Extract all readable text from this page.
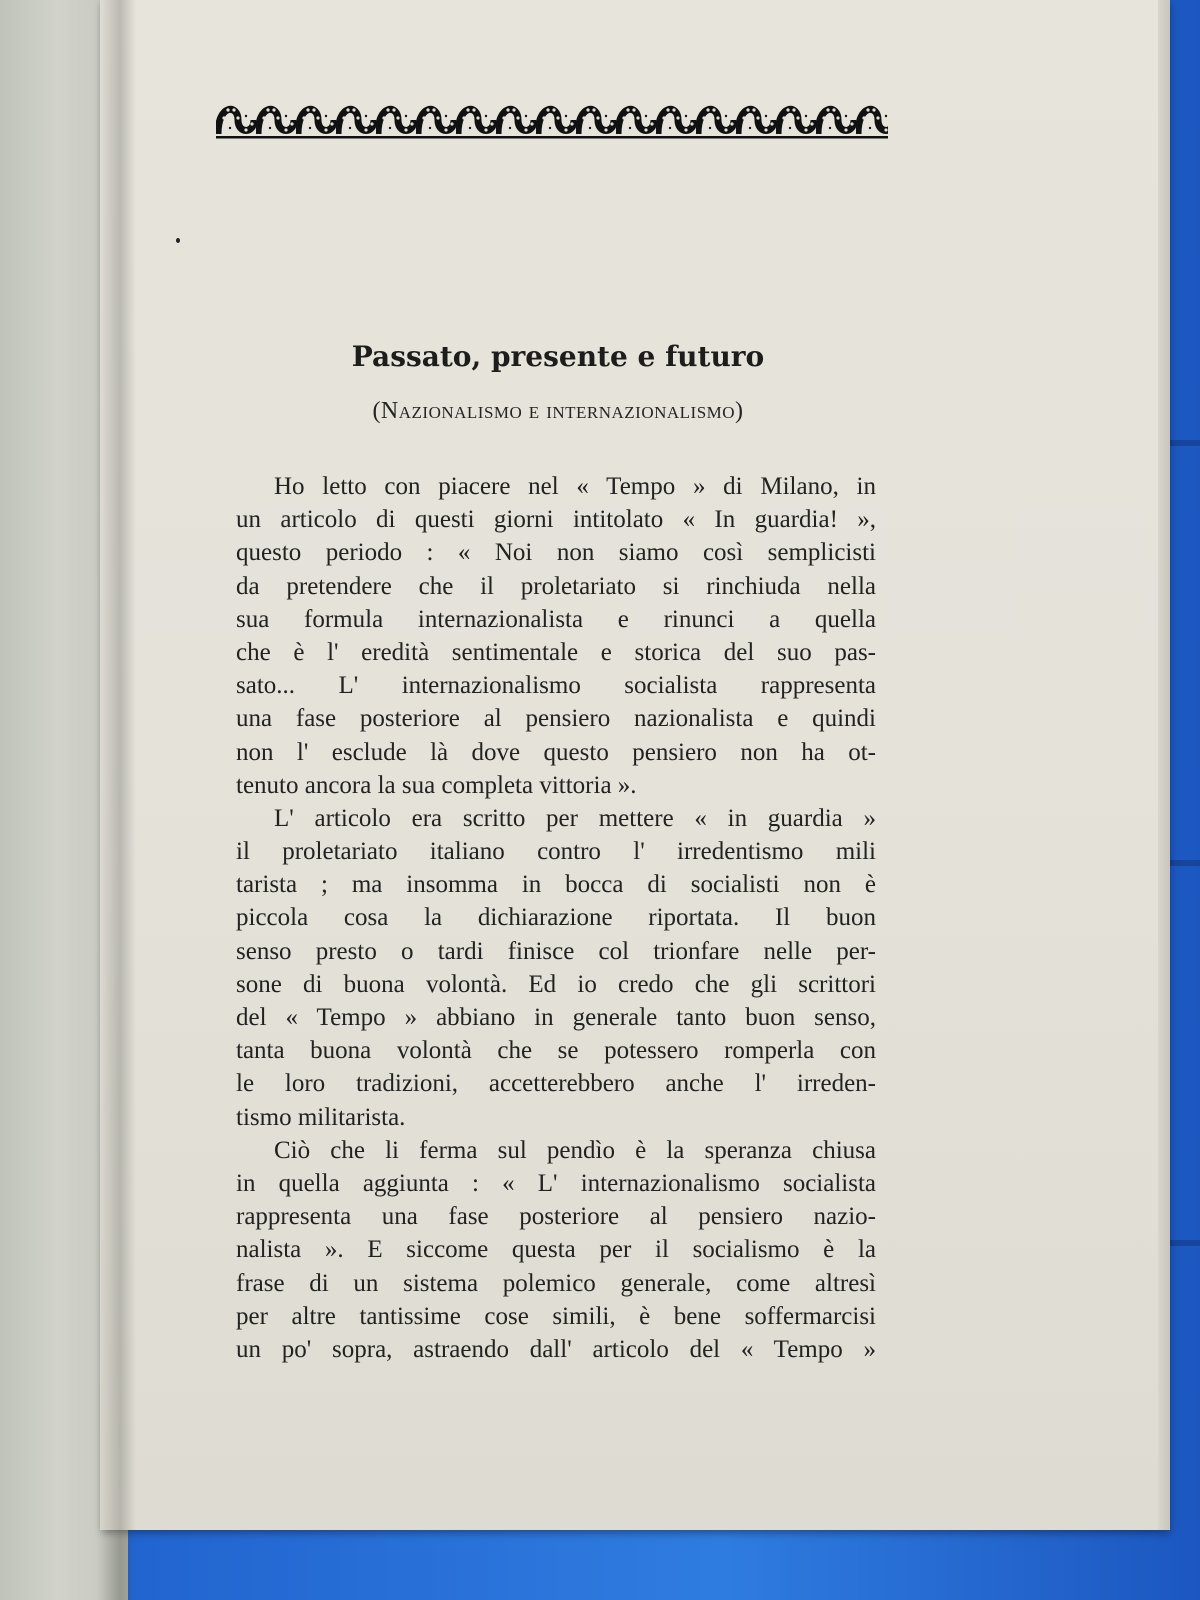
Passato, presente e futuro
(Nazionalismo e internazionalismo)
Ho letto con piacere nel « Tempo » di Milano, in
un articolo di questi giorni intitolato « In guardia! »,
questo periodo : « Noi non siamo così semplicisti
da pretendere che il proletariato si rinchiuda nella
sua formula internazionalista e rinunci a quella
che è l' eredità sentimentale e storica del suo pas-
sato... L' internazionalismo socialista rappresenta
una fase posteriore al pensiero nazionalista e quindi
non l' esclude là dove questo pensiero non ha ot-
tenuto ancora la sua completa vittoria ».
L' articolo era scritto per mettere « in guardia »
il proletariato italiano contro l' irredentismo mili
tarista ; ma insomma in bocca di socialisti non è
piccola cosa la dichiarazione riportata. Il buon
senso presto o tardi finisce col trionfare nelle per-
sone di buona volontà. Ed io credo che gli scrittori
del « Tempo » abbiano in generale tanto buon senso,
tanta buona volontà che se potessero romperla con
le loro tradizioni, accetterebbero anche l' irreden-
tismo militarista.
Ciò che li ferma sul pendìo è la speranza chiusa
in quella aggiunta : « L' internazionalismo socialista
rappresenta una fase posteriore al pensiero nazio-
nalista ». E siccome questa per il socialismo è la
frase di un sistema polemico generale, come altresì
per altre tantissime cose simili, è bene soffermarcisi
un po' sopra, astraendo dall' articolo del « Tempo »
